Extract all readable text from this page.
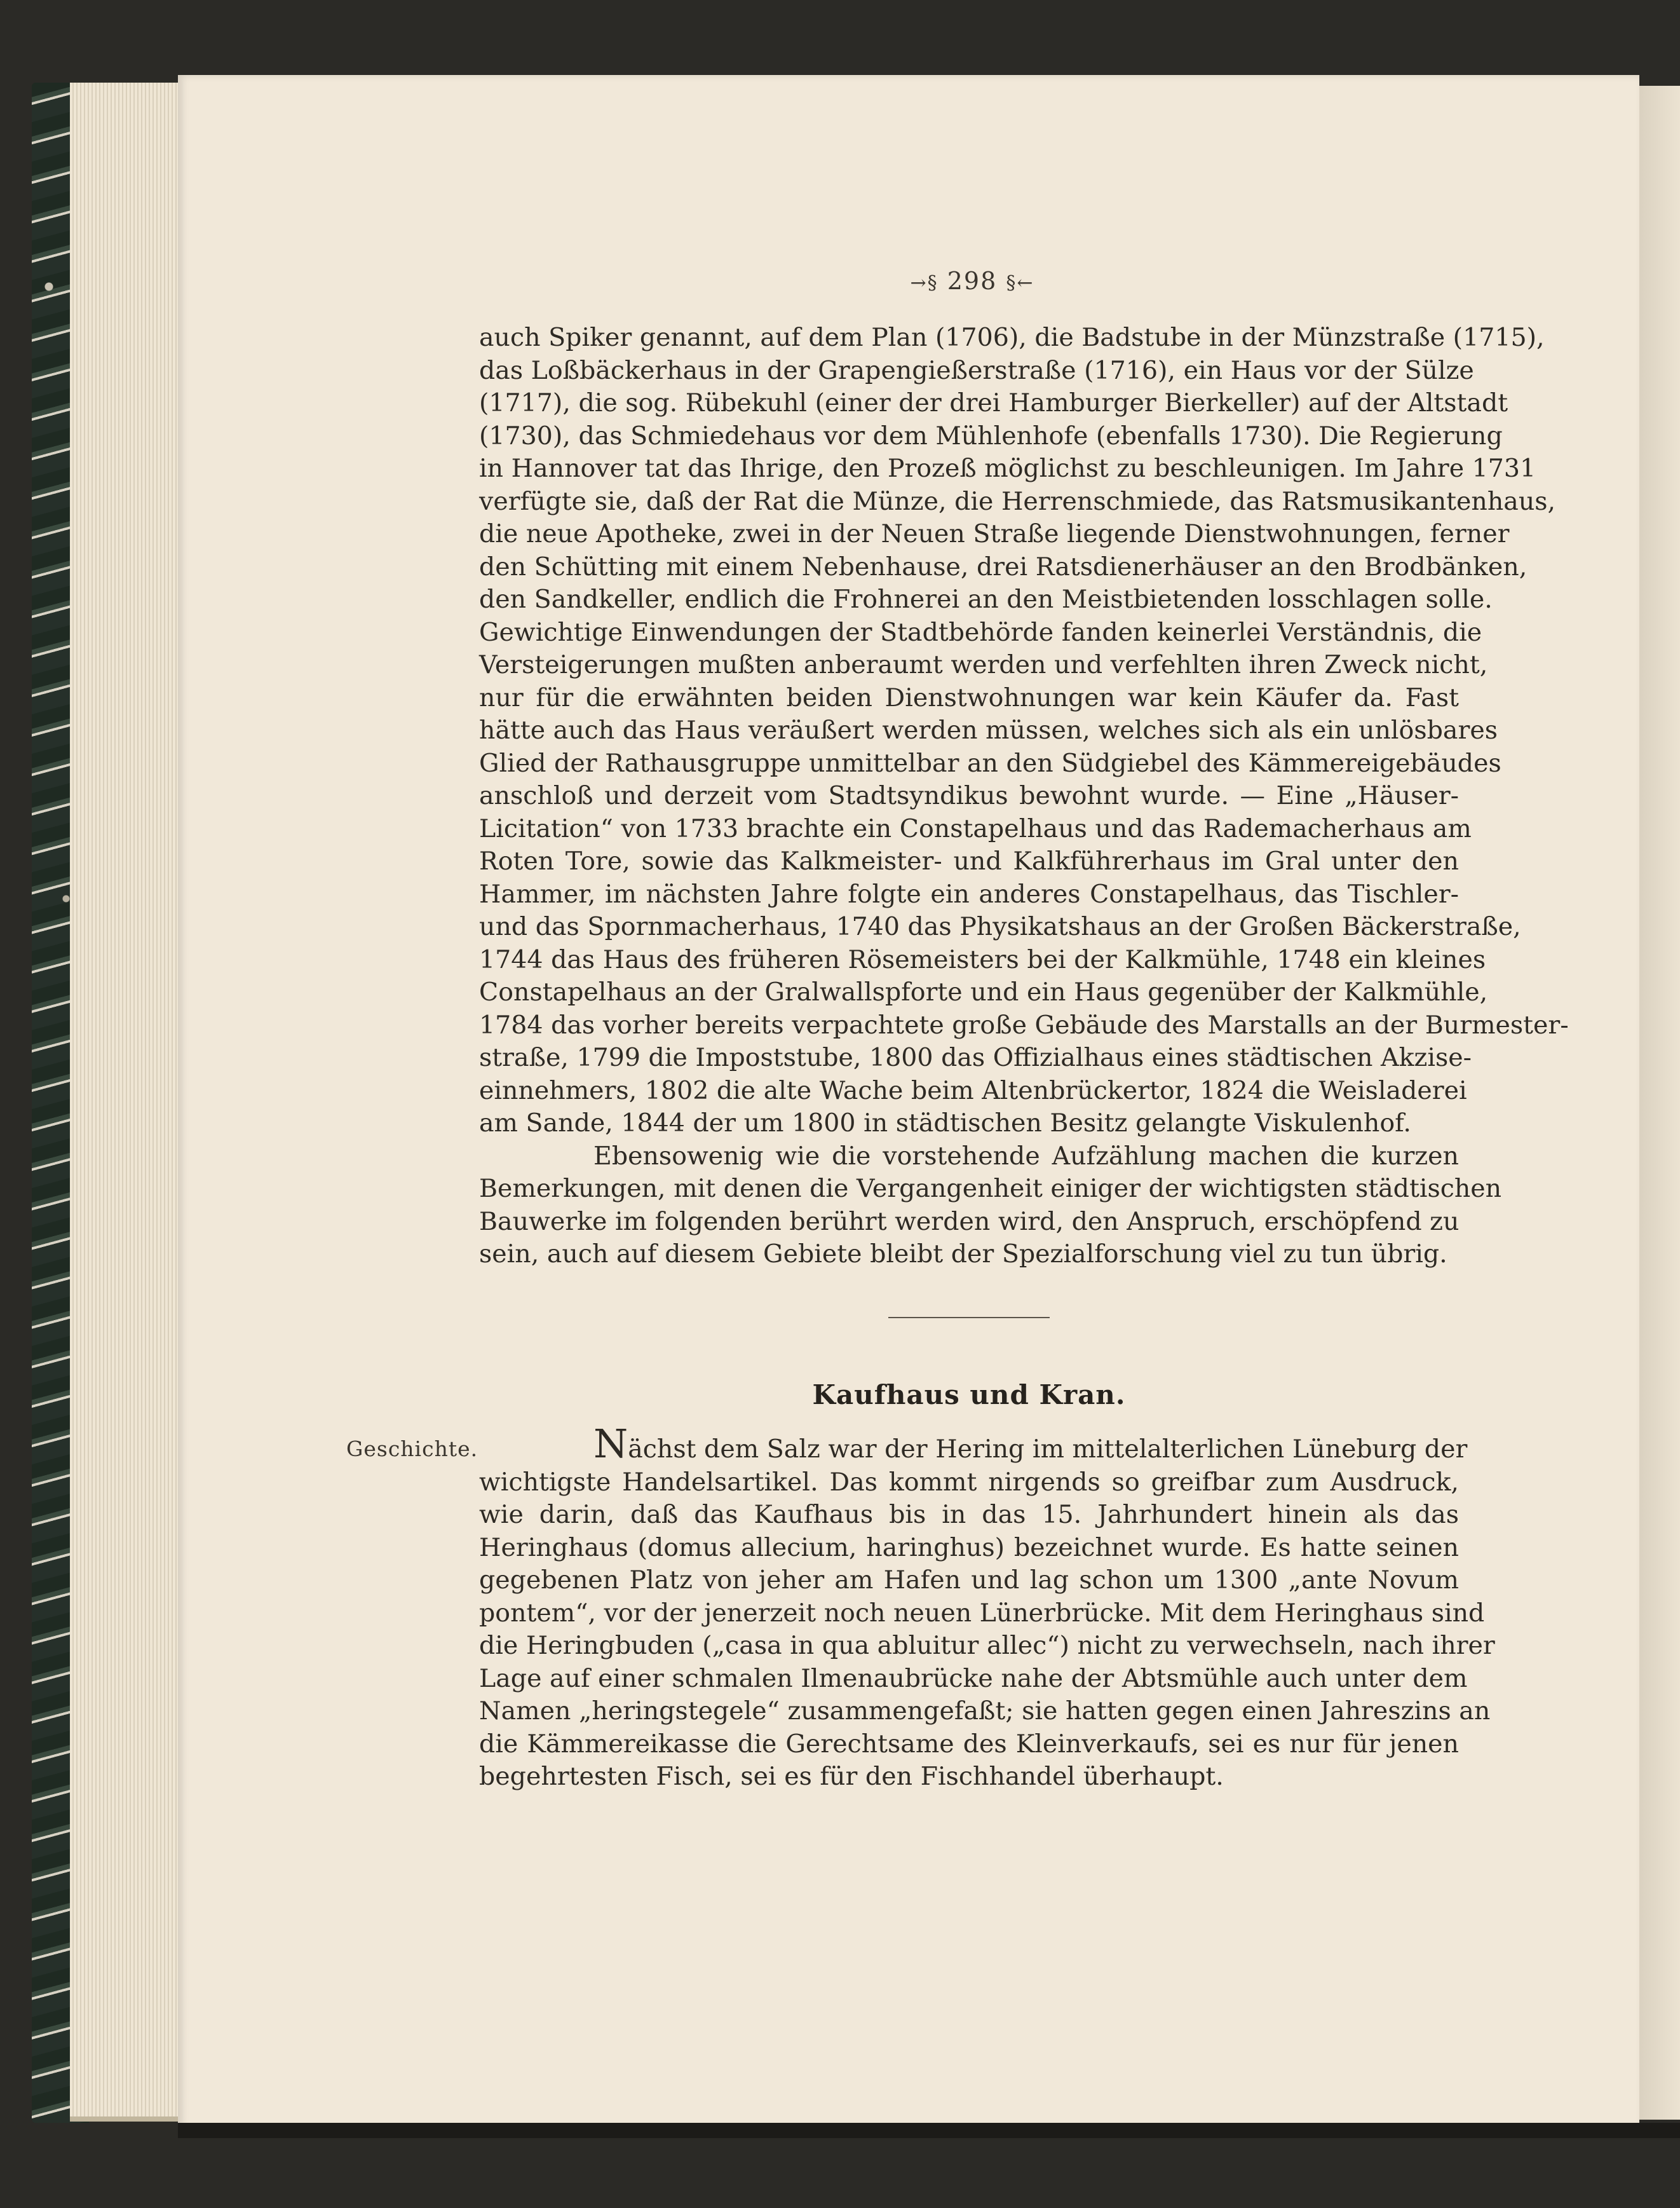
→§ 298 §←
auch Spiker genannt, auf dem Plan (1706), die Badstube in der Münzstraße (1715),
das Loßbäckerhaus in der Grapengießerstraße (1716), ein Haus vor der Sülze
(1717), die sog. Rübekuhl (einer der drei Hamburger Bierkeller) auf der Altstadt
(1730), das Schmiedehaus vor dem Mühlenhofe (ebenfalls 1730). Die Regierung
in Hannover tat das Ihrige, den Prozeß möglichst zu beschleunigen. Im Jahre 1731
verfügte sie, daß der Rat die Münze, die Herrenschmiede, das Ratsmusikantenhaus,
die neue Apotheke, zwei in der Neuen Straße liegende Dienstwohnungen, ferner
den Schütting mit einem Nebenhause, drei Ratsdienerhäuser an den Brodbänken,
den Sandkeller, endlich die Frohnerei an den Meistbietenden losschlagen solle.
Gewichtige Einwendungen der Stadtbehörde fanden keinerlei Verständnis, die
Versteigerungen mußten anberaumt werden und verfehlten ihren Zweck nicht,
nur für die erwähnten beiden Dienstwohnungen war kein Käufer da. Fast
hätte auch das Haus veräußert werden müssen, welches sich als ein unlösbares
Glied der Rathausgruppe unmittelbar an den Südgiebel des Kämmereigebäudes
anschloß und derzeit vom Stadtsyndikus bewohnt wurde. — Eine „Häuser-
Licitation“ von 1733 brachte ein Constapelhaus und das Rademacherhaus am
Roten Tore, sowie das Kalkmeister- und Kalkführerhaus im Gral unter den
Hammer, im nächsten Jahre folgte ein anderes Constapelhaus, das Tischler-
und das Spornmacherhaus, 1740 das Physikatshaus an der Großen Bäckerstraße,
1744 das Haus des früheren Rösemeisters bei der Kalkmühle, 1748 ein kleines
Constapelhaus an der Gralwallspforte und ein Haus gegenüber der Kalkmühle,
1784 das vorher bereits verpachtete große Gebäude des Marstalls an der Burmester-
straße, 1799 die Impoststube, 1800 das Offizialhaus eines städtischen Akzise-
einnehmers, 1802 die alte Wache beim Altenbrückertor, 1824 die Weisladerei
am Sande, 1844 der um 1800 in städtischen Besitz gelangte Viskulenhof.
Ebensowenig wie die vorstehende Aufzählung machen die kurzen
Bemerkungen, mit denen die Vergangenheit einiger der wichtigsten städtischen
Bauwerke im folgenden berührt werden wird, den Anspruch, erschöpfend zu
sein, auch auf diesem Gebiete bleibt der Spezialforschung viel zu tun übrig.
Kaufhaus und Kran.
Geschichte.	Nächst dem Salz war der Hering im mittelalterlichen Lüneburg der
wichtigste Handelsartikel. Das kommt nirgends so greifbar zum Ausdruck,
wie darin, daß das Kaufhaus bis in das 15. Jahrhundert hinein als das
Heringhaus (domus allecium, haringhus) bezeichnet wurde. Es hatte seinen
gegebenen Platz von jeher am Hafen und lag schon um 1300 „ante Novum
pontem“, vor der jenerzeit noch neuen Lünerbrücke. Mit dem Heringhaus sind
die Heringbuden („casa in qua abluitur allec“) nicht zu verwechseln, nach ihrer
Lage auf einer schmalen Ilmenaubrücke nahe der Abtsmühle auch unter dem
Namen „heringstegele“ zusammengefaßt; sie hatten gegen einen Jahreszins an
die Kämmereikasse die Gerechtsame des Kleinverkaufs, sei es nur für jenen
begehrtesten Fisch, sei es für den Fischhandel überhaupt.
